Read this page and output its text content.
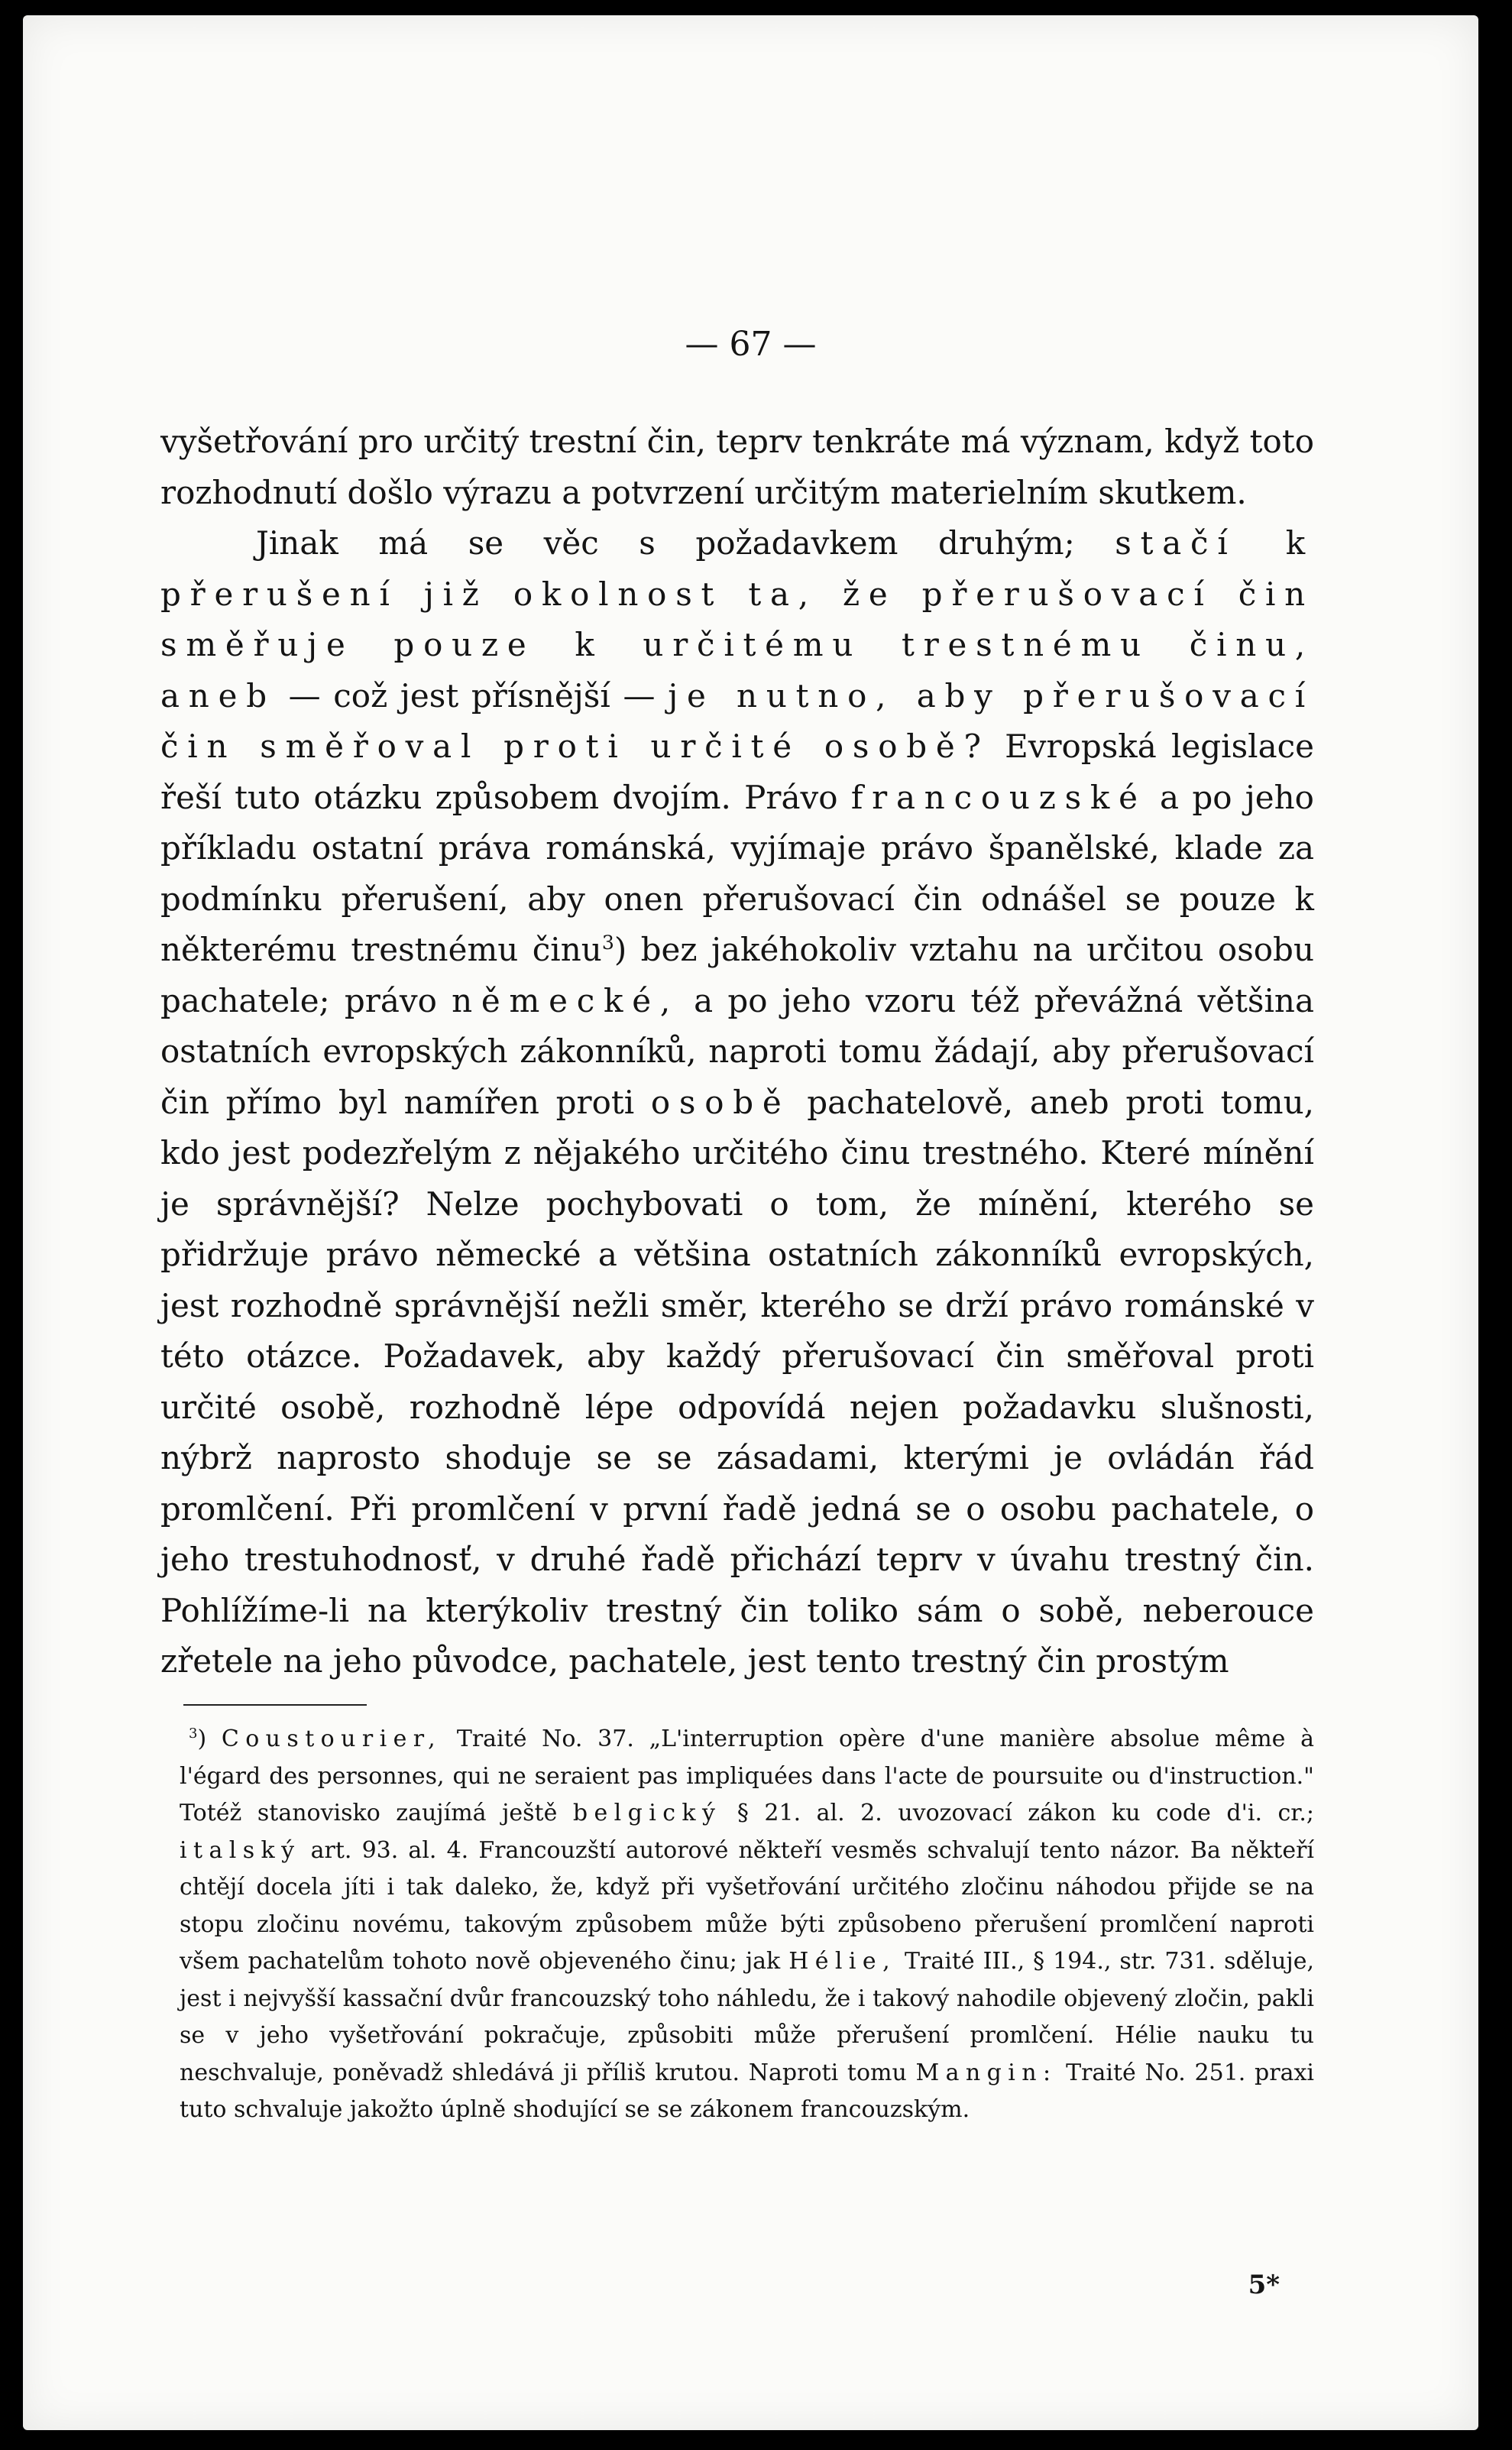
— 67 —

vyšetřování pro určitý trestní čin, teprv tenkráte má význam, když toto rozhodnutí došlo výrazu a potvrzení určitým materielním skutkem.

Jinak má se věc s požadavkem druhým; stačí k přerušení již okolnost ta, že přerušovací čin směřuje pouze k určitému trestnému činu, aneb — což jest přísnější — je nutno, aby přerušovací čin směřoval proti určité osobě? Evropská legislace řeší tuto otázku způsobem dvojím. Právo francouzské a po jeho příkladu ostatní práva románská, vyjímaje právo španělské, klade za podmínku přerušení, aby onen přerušovací čin odnášel se pouze k některému trestnému činu$^3$) bez jakéhokoliv vztahu na určitou osobu pachatele; právo německé, a po jeho vzoru též převážná většina ostatních evropských zákonníků, naproti tomu žádají, aby přerušovací čin přímo byl namířen proti osobě pachatelově, aneb proti tomu, kdo jest podezřelým z nějakého určitého činu trestného. Které mínění je správnější? Nelze pochybovati o tom, že mínění, kterého se přidržuje právo německé a většina ostatních zákonníků evropských, jest rozhodně správnější nežli směr, kterého se drží právo románské v této otázce. Požadavek, aby každý přerušovací čin směřoval proti určité osobě, rozhodně lépe odpovídá nejen požadavku slušnosti, nýbrž naprosto shoduje se se zásadami, kterými je ovládán řád promlčení. Při promlčení v první řadě jedná se o osobu pachatele, o jeho trestuhodnosť, v druhé řadě přichází teprv v úvahu trestný čin. Pohlížíme-li na kterýkoliv trestný čin toliko sám o sobě, neberouce zřetele na jeho původce, pachatele, jest tento trestný čin prostým

$^3$) Coustourier, Traité No. 37. „L'interruption opère d'une manière absolue même à l'égard des personnes, qui ne seraient pas impliquées dans l'acte de poursuite ou d'instruction." Totéž stanovisko zaujímá ještě belgický § 21. al. 2. uvozovací zákon ku code d'i. cr.; italský art. 93. al. 4. Francouzští autorové někteří vesměs schvalují tento názor. Ba někteří chtějí docela jíti i tak daleko, že, když při vyšetřování určitého zločinu náhodou přijde se na stopu zločinu novému, takovým způsobem může býti způsobeno přerušení promlčení naproti všem pachatelům tohoto nově objeveného činu; jak Hélie, Traité III., § 194., str. 731. sděluje, jest i nejvyšší kassační dvůr francouzský toho náhledu, že i takový nahodile objevený zločin, pakli se v jeho vyšetřování pokračuje, způsobiti může přerušení promlčení. Hélie nauku tu neschvaluje, poněvadž shledává ji příliš krutou. Naproti tomu Mangin: Traité No. 251. praxi tuto schvaluje jakožto úplně shodující se se zákonem francouzským.

5*
